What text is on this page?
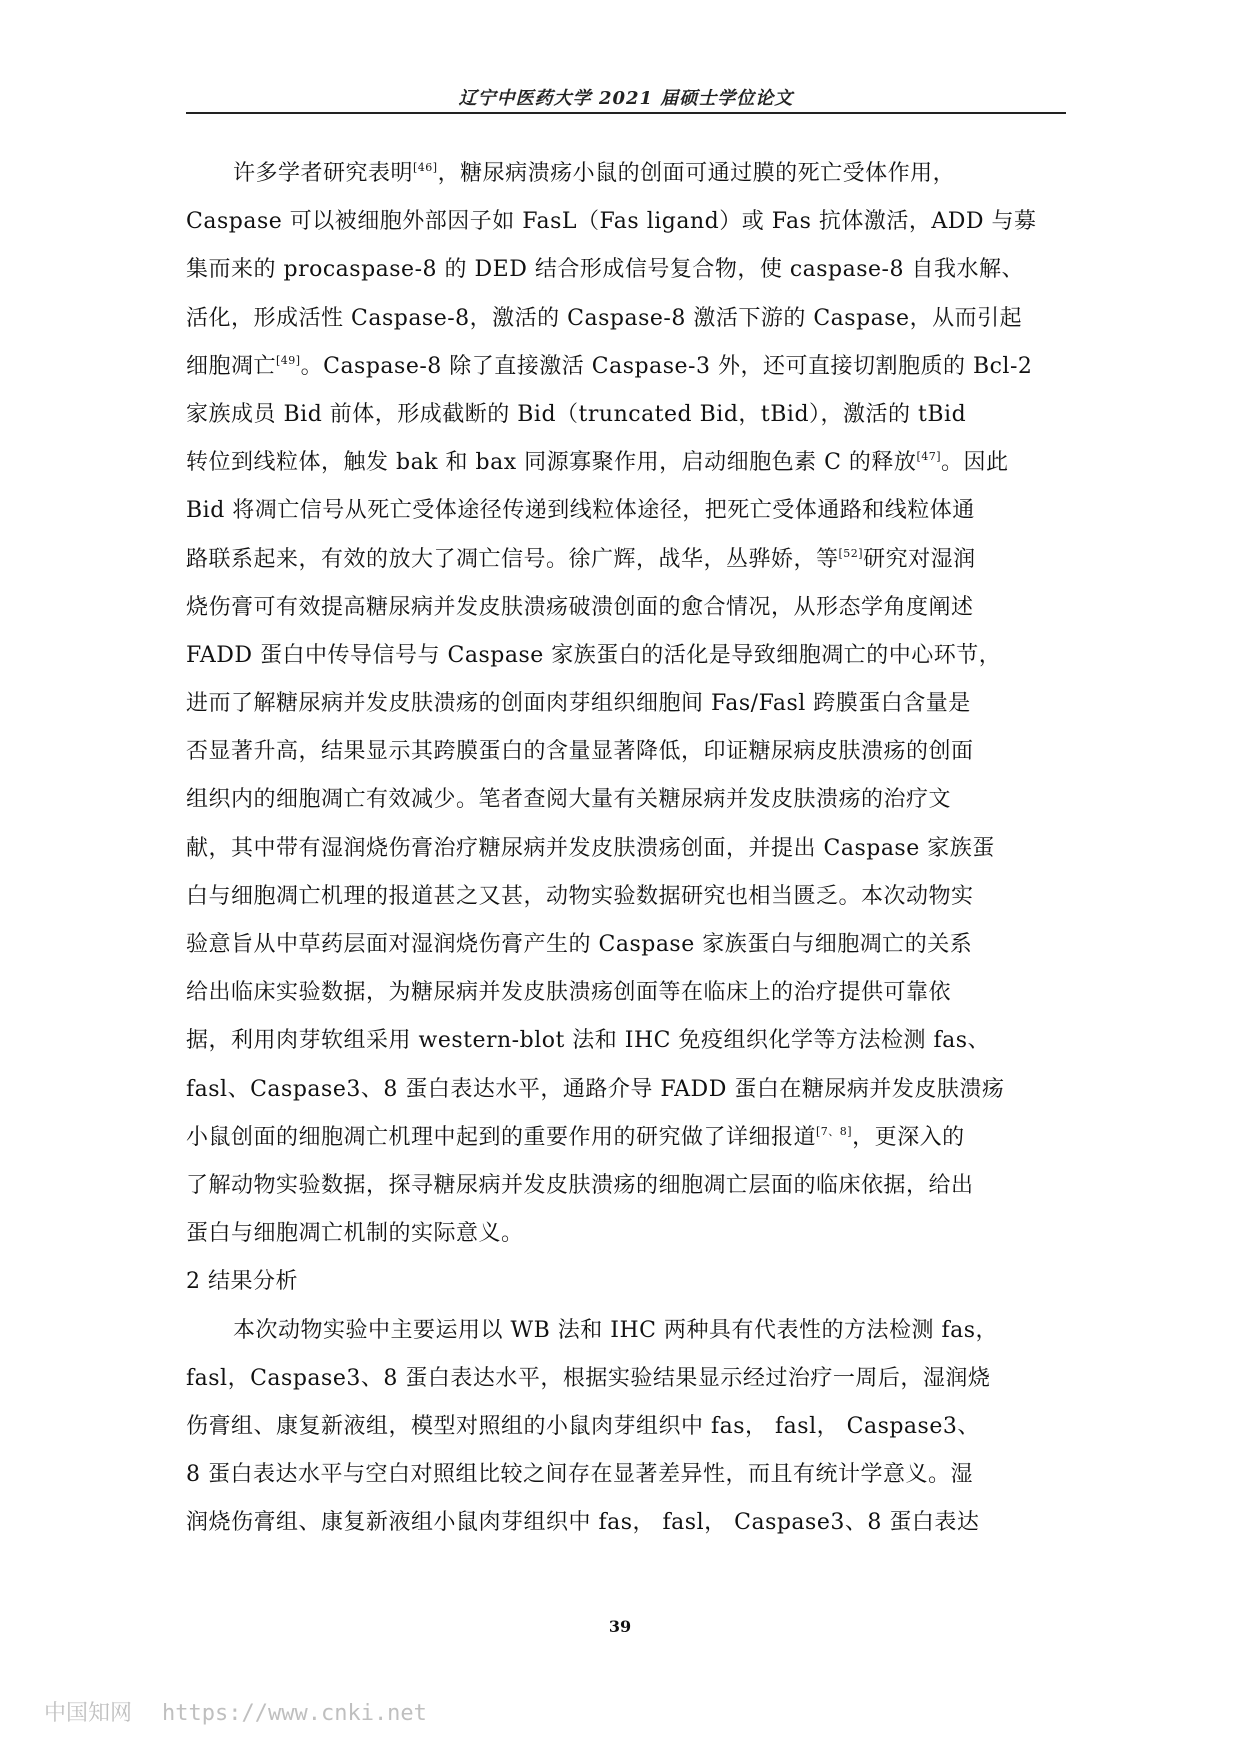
辽宁中医药大学 2021 届硕士学位论文
许多学者研究表明[46]，糖尿病溃疡小鼠的创面可通过膜的死亡受体作用，
Caspase 可以被细胞外部因子如 FasL（Fas ligand）或 Fas 抗体激活，ADD 与募
集而来的 procaspase-8 的 DED 结合形成信号复合物，使 caspase-8 自我水解、
活化，形成活性 Caspase-8，激活的 Caspase-8 激活下游的 Caspase，从而引起
细胞凋亡[49]。Caspase-8 除了直接激活 Caspase-3 外，还可直接切割胞质的 Bcl-2
家族成员 Bid 前体，形成截断的 Bid（truncated Bid，tBid），激活的 tBid
转位到线粒体，触发 bak 和 bax 同源寡聚作用，启动细胞色素 C 的释放[47]。因此
Bid 将凋亡信号从死亡受体途径传递到线粒体途径，把死亡受体通路和线粒体通
路联系起来，有效的放大了凋亡信号。徐广辉，战华，丛骅娇，等[52]研究对湿润
烧伤膏可有效提高糖尿病并发皮肤溃疡破溃创面的愈合情况，从形态学角度阐述
FADD 蛋白中传导信号与 Caspase 家族蛋白的活化是导致细胞凋亡的中心环节，
进而了解糖尿病并发皮肤溃疡的创面肉芽组织细胞间 Fas/Fasl 跨膜蛋白含量是
否显著升高，结果显示其跨膜蛋白的含量显著降低，印证糖尿病皮肤溃疡的创面
组织内的细胞凋亡有效减少。笔者查阅大量有关糖尿病并发皮肤溃疡的治疗文
献，其中带有湿润烧伤膏治疗糖尿病并发皮肤溃疡创面，并提出 Caspase 家族蛋
白与细胞凋亡机理的报道甚之又甚，动物实验数据研究也相当匮乏。本次动物实
验意旨从中草药层面对湿润烧伤膏产生的 Caspase 家族蛋白与细胞凋亡的关系
给出临床实验数据，为糖尿病并发皮肤溃疡创面等在临床上的治疗提供可靠依
据，利用肉芽软组采用 western-blot 法和 IHC 免疫组织化学等方法检测 fas、
fasl、Caspase3、8 蛋白表达水平，通路介导 FADD 蛋白在糖尿病并发皮肤溃疡
小鼠创面的细胞凋亡机理中起到的重要作用的研究做了详细报道[7、8]，更深入的
了解动物实验数据，探寻糖尿病并发皮肤溃疡的细胞凋亡层面的临床依据，给出
蛋白与细胞凋亡机制的实际意义。
2 结果分析
本次动物实验中主要运用以 WB 法和 IHC 两种具有代表性的方法检测 fas，
fasl，Caspase3、8 蛋白表达水平，根据实验结果显示经过治疗一周后，湿润烧
伤膏组、康复新液组，模型对照组的小鼠肉芽组织中 fas， fasl， Caspase3、
8 蛋白表达水平与空白对照组比较之间存在显著差异性，而且有统计学意义。湿
润烧伤膏组、康复新液组小鼠肉芽组织中 fas， fasl， Caspase3、8 蛋白表达
39
中国知网 https://www.cnki.net
